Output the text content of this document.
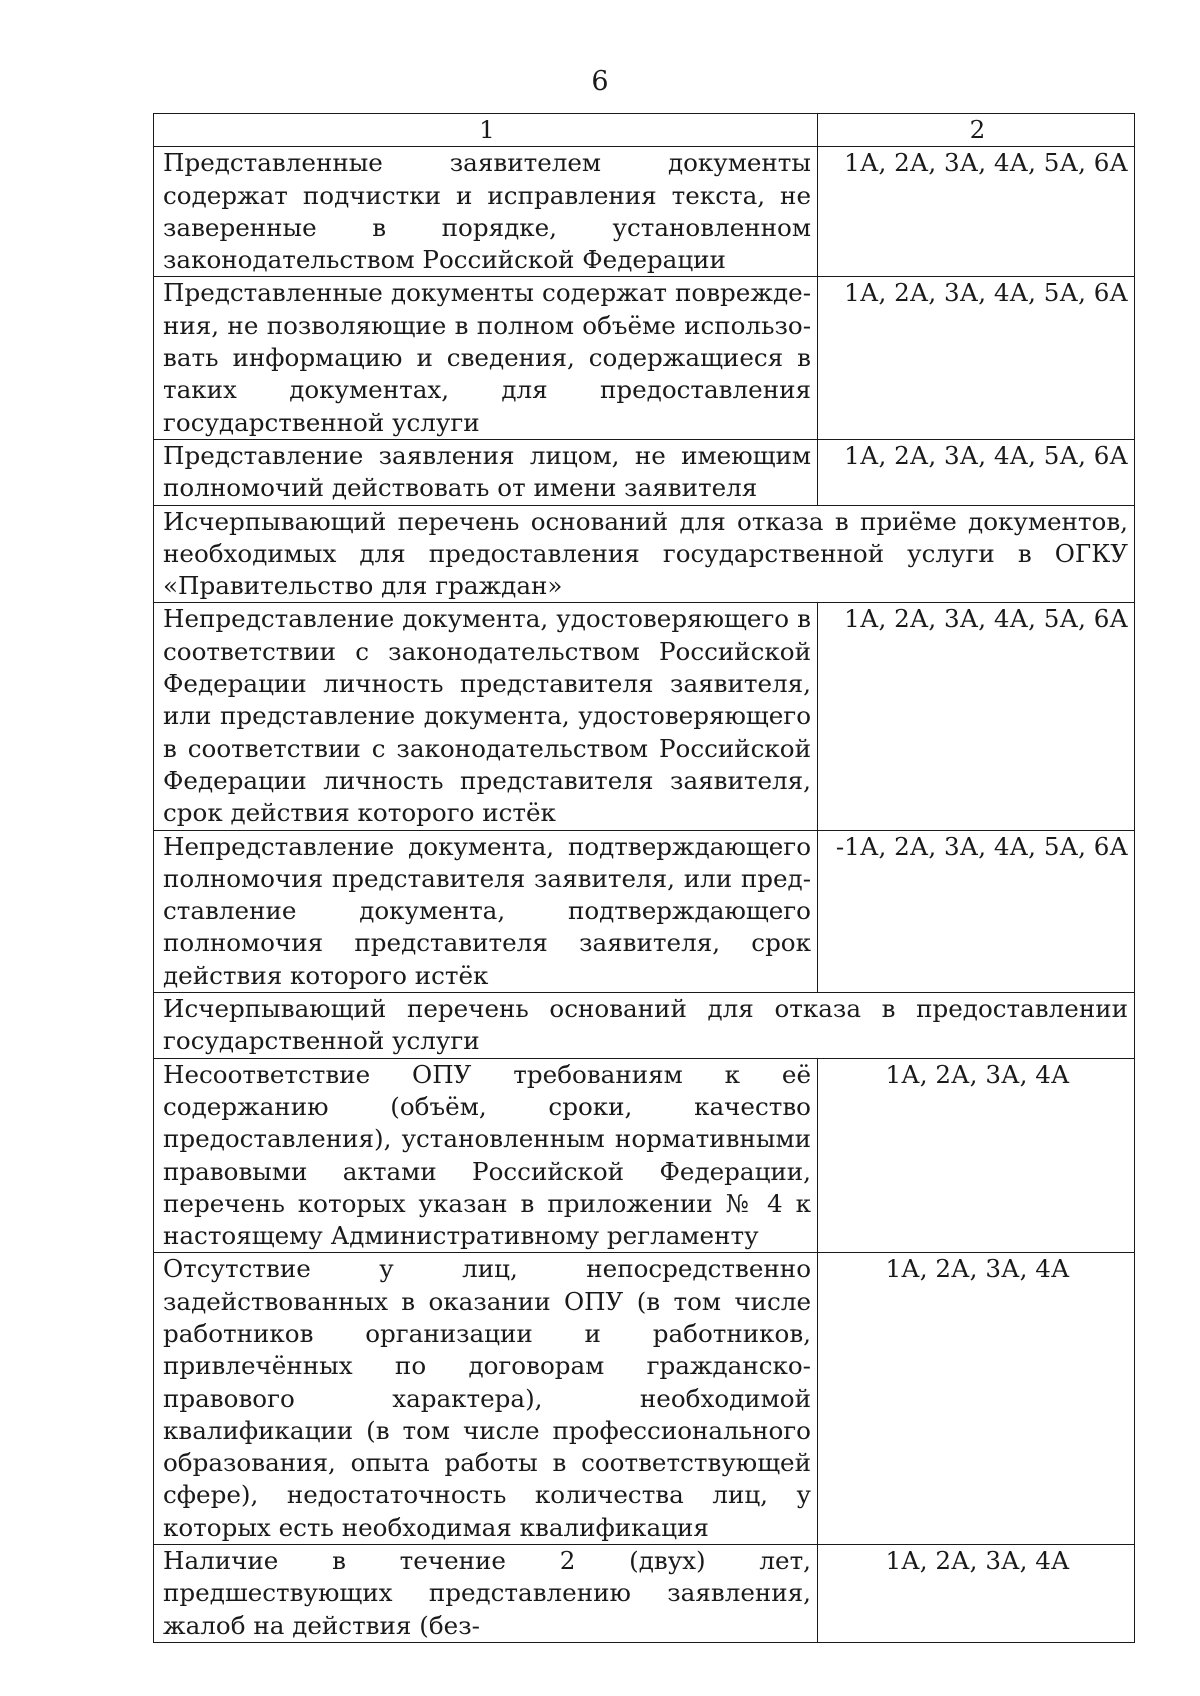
6
1	2
Представленные заявителем документы содержат подчистки и исправления текста, не заверенные в порядке, установленном законодательством Российской Федерации	1А, 2А, 3А, 4А, 5А, 6А
Представленные документы содержат повреждения, не позволяющие в полном объёме использовать информацию и сведения, содержащиеся в таких документах, для предоставления государственной услуги	1А, 2А, 3А, 4А, 5А, 6А
Представление заявления лицом, не имеющим полномочий действовать от имени заявителя	1А, 2А, 3А, 4А, 5А, 6А
Исчерпывающий перечень оснований для отказа в приёме документов, необходимых для предоставления государственной услуги в ОГКУ «Правительство для граждан»	
Непредставление документа, удостоверяющего в соответствии с законодательством Российской Федерации личность представителя заявителя, или представление документа, удостоверяющего в соответствии с законодательством Российской Федерации личность представителя заявителя, срок действия которого истёк	1А, 2А, 3А, 4А, 5А, 6А
Непредставление документа, подтверждающего полномочия представителя заявителя, или представление документа, подтверждающего полномочия представителя заявителя, срок действия которого истёк	-1А, 2А, 3А, 4А, 5А, 6А
Исчерпывающий перечень оснований для отказа в предоставлении государственной услуги	
Несоответствие ОПУ требованиям к её содержанию (объём, сроки, качество предоставления), установленным нормативными правовыми актами Российской Федерации, перечень которых указан в приложении № 4 к настоящему Административному регламенту	1А, 2А, 3А, 4А
Отсутствие у лиц, непосредственно задействованных в оказании ОПУ (в том числе работников организации и работников, привлечённых по договорам гражданско-правового характера), необходимой квалификации (в том числе профессионального образования, опыта работы в соответствующей сфере), недостаточность количества лиц, у которых есть необходимая квалификация	1А, 2А, 3А, 4А
Наличие в течение 2 (двух) лет, предшествующих представлению заявления, жалоб на действия (без-	1А, 2А, 3А, 4А
